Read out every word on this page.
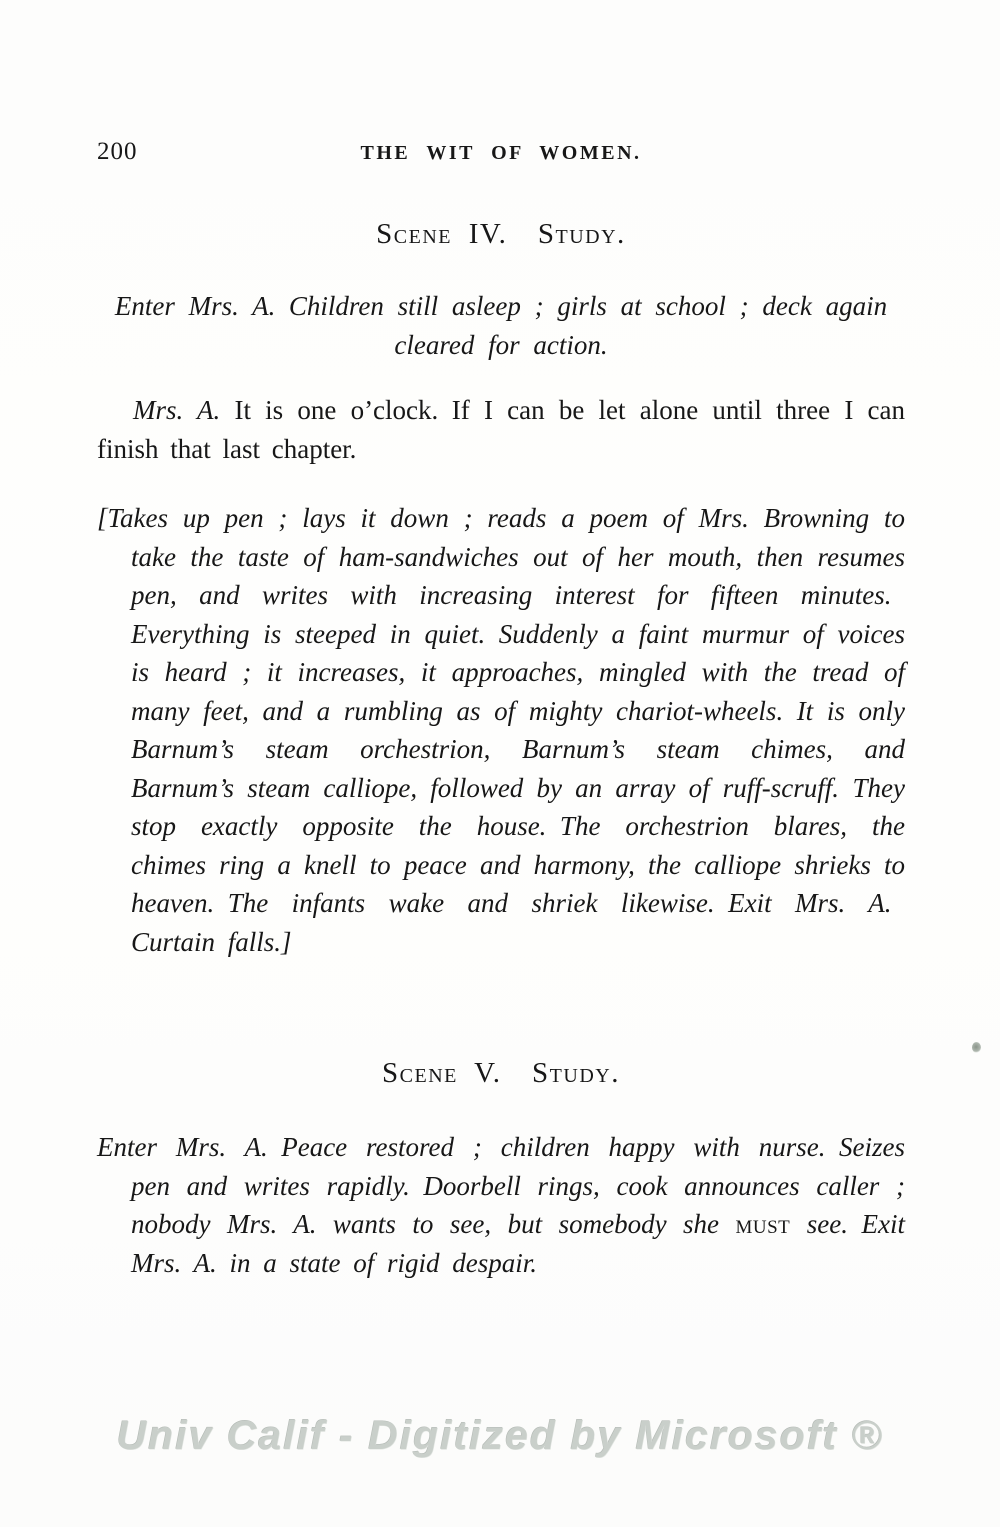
200	THE WIT OF WOMEN.
Scene IV. Study.

Enter Mrs. A. Children still asleep ; girls at school ; deck again cleared for action.

Mrs. A. It is one o’clock. If I can be let alone until three I can finish that last chapter.

[Takes up pen ; lays it down ; reads a poem of Mrs. Browning to take the taste of ham-sandwiches out of her mouth, then resumes pen, and writes with increasing interest for fifteen minutes. Everything is steeped in quiet. Suddenly a faint murmur of voices is heard ; it increases, it approaches, mingled with the tread of many feet, and a rumbling as of mighty chariot-wheels. It is only Barnum’s steam orchestrion, Barnum’s steam chimes, and Barnum’s steam calliope, followed by an array of ruff-scruff. They stop exactly opposite the house. The orchestrion blares, the chimes ring a knell to peace and harmony, the calliope shrieks to heaven. The infants wake and shriek likewise. Exit Mrs. A. Curtain falls.]

Scene V. Study.

Enter Mrs. A. Peace restored ; children happy with nurse. Seizes pen and writes rapidly. Doorbell rings, cook announces caller ; nobody Mrs. A. wants to see, but somebody she must see. Exit Mrs. A. in a state of rigid despair.

Univ Calif - Digitized by Microsoft ®
